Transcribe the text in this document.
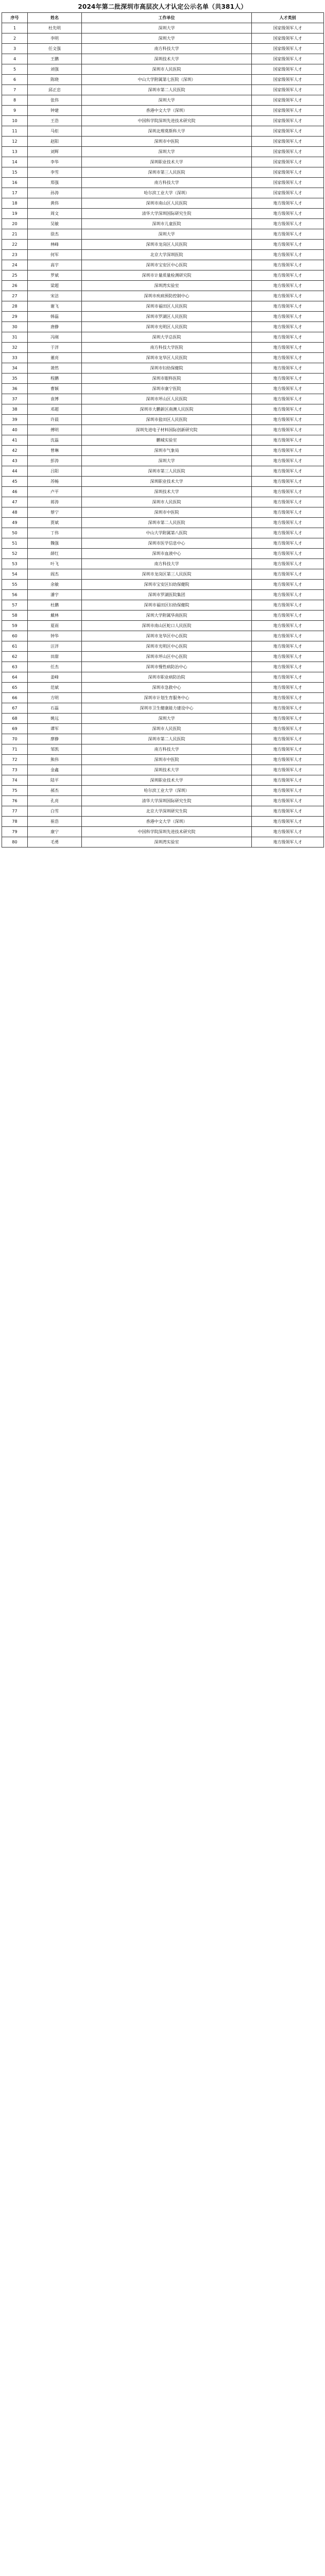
2024年第二批深圳市高层次人才认定公示名单（共381人）
序号	姓名	工作单位	人才类别
1	杜先明	深圳大学	国家级领军人才
2	李明	深圳大学	国家级领军人才
3	任文强	南方科技大学	国家级领军人才
4	王鹏	深圳技术大学	国家级领军人才
5	刘强	深圳市人民医院	国家级领军人才
6	陈晓	中山大学附属第七医院（深圳）	国家级领军人才
7	邱正忠	深圳市第二人民医院	国家级领军人才
8	张伟	深圳大学	国家级领军人才
9	钟建	香港中文大学（深圳）	国家级领军人才
10	王浩	中国科学院深圳先进技术研究院	国家级领军人才
11	马炬	深圳北理莫斯科大学	国家级领军人才
12	赵阳	深圳市中医院	国家级领军人才
13	刘辉	深圳大学	国家级领军人才
14	李华	深圳职业技术大学	国家级领军人才
15	李雪	深圳市第三人民医院	国家级领军人才
16	郑强	南方科技大学	国家级领军人才
17	孙涛	哈尔滨工业大学（深圳）	国家级领军人才
18	黄伟	深圳市南山区人民医院	地方级领军人才
19	周文	清华大学深圳国际研究生院	地方级领军人才
20	吴敏	深圳市儿童医院	地方级领军人才
21	徐杰	深圳大学	地方级领军人才
22	林峰	深圳市龙岗区人民医院	地方级领军人才
23	何军	北京大学深圳医院	地方级领军人才
24	高宇	深圳市宝安区中心医院	地方级领军人才
25	罗斌	深圳市计量质量检测研究院	地方级领军人才
26	梁超	深圳湾实验室	地方级领军人才
27	宋洁	深圳市疾病预防控制中心	地方级领军人才
28	谢飞	深圳市福田区人民医院	地方级领军人才
29	韩磊	深圳市罗湖区人民医院	地方级领军人才
30	唐静	深圳市光明区人民医院	地方级领军人才
31	冯刚	深圳大学总医院	地方级领军人才
32	于洋	南方科技大学医院	地方级领军人才
33	董亮	深圳市龙华区人民医院	地方级领军人才
34	萧然	深圳市妇幼保健院	地方级领军人才
35	程鹏	深圳市眼科医院	地方级领军人才
36	曹颖	深圳市康宁医院	地方级领军人才
37	袁博	深圳市坪山区人民医院	地方级领军人才
38	邓超	深圳市大鹏新区南澳人民医院	地方级领军人才
39	许晨	深圳市盐田区人民医院	地方级领军人才
40	傅明	深圳先进电子材料国际创新研究院	地方级领军人才
41	沈磊	鹏城实验室	地方级领军人才
42	曾琳	深圳市气象局	地方级领军人才
43	彭涛	深圳大学	地方级领军人才
44	吕阳	深圳市第三人民医院	地方级领军人才
45	苏畅	深圳职业技术大学	地方级领军人才
46	卢平	深圳技术大学	地方级领军人才
47	蒋涛	深圳市人民医院	地方级领军人才
48	蔡宁	深圳市中医院	地方级领军人才
49	贾斌	深圳市第二人民医院	地方级领军人才
50	丁伟	中山大学附属第八医院	地方级领军人才
51	魏强	深圳市医学信息中心	地方级领军人才
52	薛红	深圳市血液中心	地方级领军人才
53	叶飞	南方科技大学	地方级领军人才
54	阎杰	深圳市龙岗区第三人民医院	地方级领军人才
55	余敏	深圳市宝安区妇幼保健院	地方级领军人才
56	潘宇	深圳市罗湖医院集团	地方级领军人才
57	杜鹏	深圳市福田区妇幼保健院	地方级领军人才
58	戴林	深圳大学附属华南医院	地方级领军人才
59	夏雨	深圳市南山区蛇口人民医院	地方级领军人才
60	钟华	深圳市龙华区中心医院	地方级领军人才
61	汪洋	深圳市光明区中心医院	地方级领军人才
62	田甜	深圳市坪山区中心医院	地方级领军人才
63	任杰	深圳市慢性病防治中心	地方级领军人才
64	姜峰	深圳市职业病防治院	地方级领军人才
65	范斌	深圳市急救中心	地方级领军人才
66	方明	深圳市计划生育服务中心	地方级领军人才
67	石磊	深圳市卫生健康能力建设中心	地方级领军人才
68	姚远	深圳大学	地方级领军人才
69	谭军	深圳市人民医院	地方级领军人才
70	廖静	深圳市第二人民医院	地方级领军人才
71	邹凯	南方科技大学	地方级领军人才
72	熊伟	深圳市中医院	地方级领军人才
73	金鑫	深圳技术大学	地方级领军人才
74	陆平	深圳职业技术大学	地方级领军人才
75	郝杰	哈尔滨工业大学（深圳）	地方级领军人才
76	孔亮	清华大学深圳国际研究生院	地方级领军人才
77	白雪	北京大学深圳研究生院	地方级领军人才
78	崔浩	香港中文大学（深圳）	地方级领军人才
79	康宁	中国科学院深圳先进技术研究院	地方级领军人才
80	毛勇	深圳湾实验室	地方级领军人才
